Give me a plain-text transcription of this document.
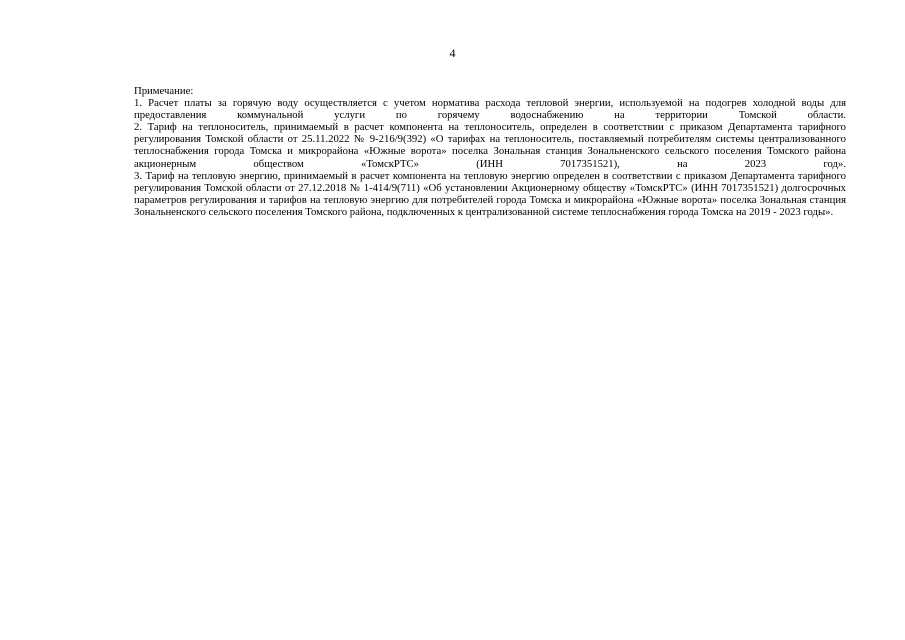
4

Примечание:

1. Расчет платы за горячую воду осуществляется с учетом норматива расхода тепловой энергии, используемой на подогрев холодной воды для предоставления коммунальной услуги по горячему водоснабжению на территории Томской области.

2. Тариф на теплоноситель, принимаемый в расчет компонента на теплоноситель, определен в соответствии с приказом Департамента тарифного регулирования Томской области от 25.11.2022 № 9-216/9(392) «О тарифах на теплоноситель, поставляемый потребителям системы централизованного теплоснабжения города Томска и микрорайона «Южные ворота» поселка Зональная станция Зональненского сельского поселения Томского района акционерным обществом «ТомскРТС» (ИНН 7017351521), на 2023 год».

3. Тариф на тепловую энергию, принимаемый в расчет компонента на тепловую энергию определен в соответствии с приказом Департамента тарифного регулирования Томской области от 27.12.2018 № 1-414/9(711) «Об установлении Акционерному обществу «ТомскРТС» (ИНН 7017351521) долгосрочных параметров регулирования и тарифов на тепловую энергию для потребителей города Томска и микрорайона «Южные ворота» поселка Зональная станция Зональненского сельского поселения Томского района, подключенных к централизованной системе теплоснабжения города Томска на 2019 - 2023 годы».
